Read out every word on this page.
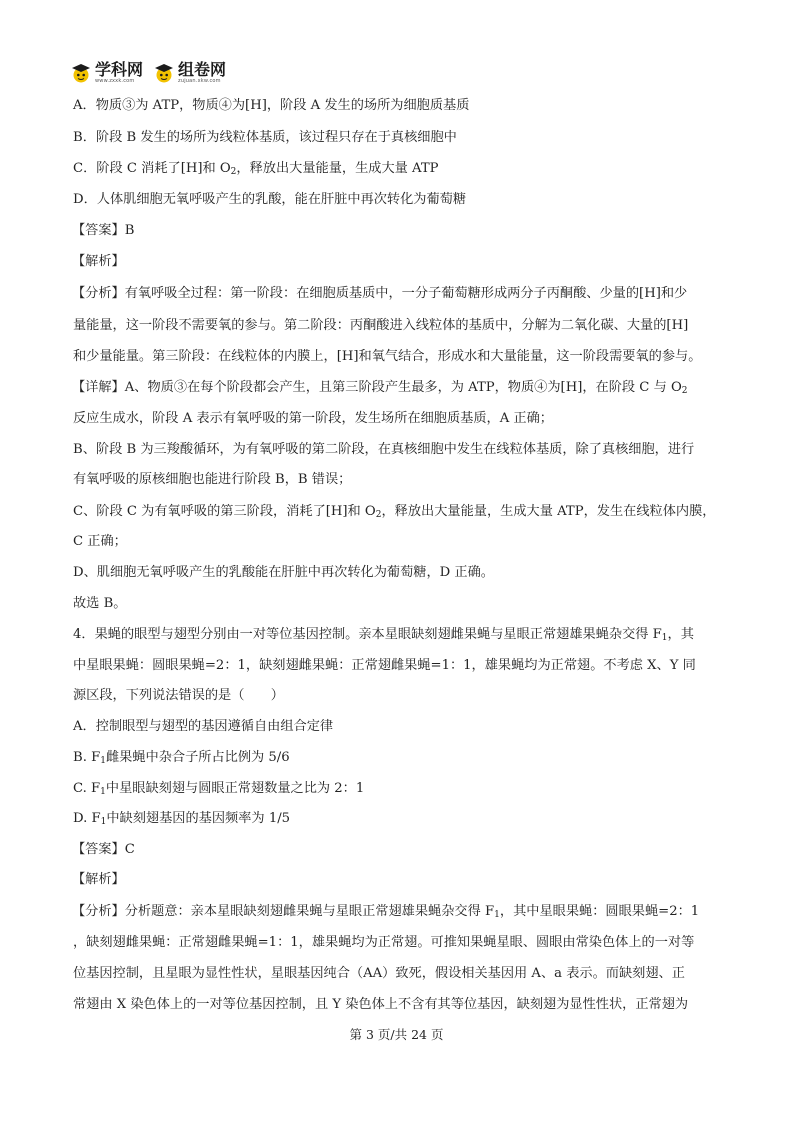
学科网
www.zxxk.com
组卷网
zujuan.xkw.com
A．物质③为 ATP，物质④为[H]，阶段 A 发生的场所为细胞质基质
B．阶段 B 发生的场所为线粒体基质，该过程只存在于真核细胞中
C．阶段 C 消耗了[H]和 $O_2$，释放出大量能量，生成大量 ATP
D．人体肌细胞无氧呼吸产生的乳酸，能在肝脏中再次转化为葡萄糖
【答案】B
【解析】
【分析】有氧呼吸全过程：第一阶段：在细胞质基质中，一分子葡萄糖形成两分子丙酮酸、少量的[H]和少
量能量，这一阶段不需要氧的参与。第二阶段：丙酮酸进入线粒体的基质中，分解为二氧化碳、大量的[H]
和少量能量。第三阶段：在线粒体的内膜上，[H]和氧气结合，形成水和大量能量，这一阶段需要氧的参与。
【详解】A、物质③在每个阶段都会产生，且第三阶段产生最多，为 ATP，物质④为[H]，在阶段 C 与 $O_2$
反应生成水，阶段 A 表示有氧呼吸的第一阶段，发生场所在细胞质基质，A 正确；
B、阶段 B 为三羧酸循环，为有氧呼吸的第二阶段，在真核细胞中发生在线粒体基质，除了真核细胞，进行
有氧呼吸的原核细胞也能进行阶段 B，B 错误；
C、阶段 C 为有氧呼吸的第三阶段，消耗了[H]和 $O_2$，释放出大量能量，生成大量 ATP，发生在线粒体内膜，
C 正确；
D、肌细胞无氧呼吸产生的乳酸能在肝脏中再次转化为葡萄糖，D 正确。
故选 B。
4．果蝇的眼型与翅型分别由一对等位基因控制。亲本星眼缺刻翅雌果蝇与星眼正常翅雄果蝇杂交得 $F_1$，其
中星眼果蝇：圆眼果蝇=2：1，缺刻翅雌果蝇：正常翅雌果蝇=1：1，雄果蝇均为正常翅。不考虑 X、Y 同
源区段，下列说法错误的是（　　）
A．控制眼型与翅型的基因遵循自由组合定律
B. $F_1$雌果蝇中杂合子所占比例为 5/6
C. $F_1$中星眼缺刻翅与圆眼正常翅数量之比为 2：1
D. $F_1$中缺刻翅基因的基因频率为 1/5
【答案】C
【解析】
【分析】分析题意：亲本星眼缺刻翅雌果蝇与星眼正常翅雄果蝇杂交得 $F_1$，其中星眼果蝇：圆眼果蝇=2：1
，缺刻翅雌果蝇：正常翅雌果蝇=1：1，雄果蝇均为正常翅。可推知果蝇星眼、圆眼由常染色体上的一对等
位基因控制，且星眼为显性性状，星眼基因纯合（AA）致死，假设相关基因用 A、a 表示。而缺刻翅、正
常翅由 X 染色体上的一对等位基因控制，且 Y 染色体上不含有其等位基因，缺刻翅为显性性状，正常翅为
第 3 页/共 24 页
